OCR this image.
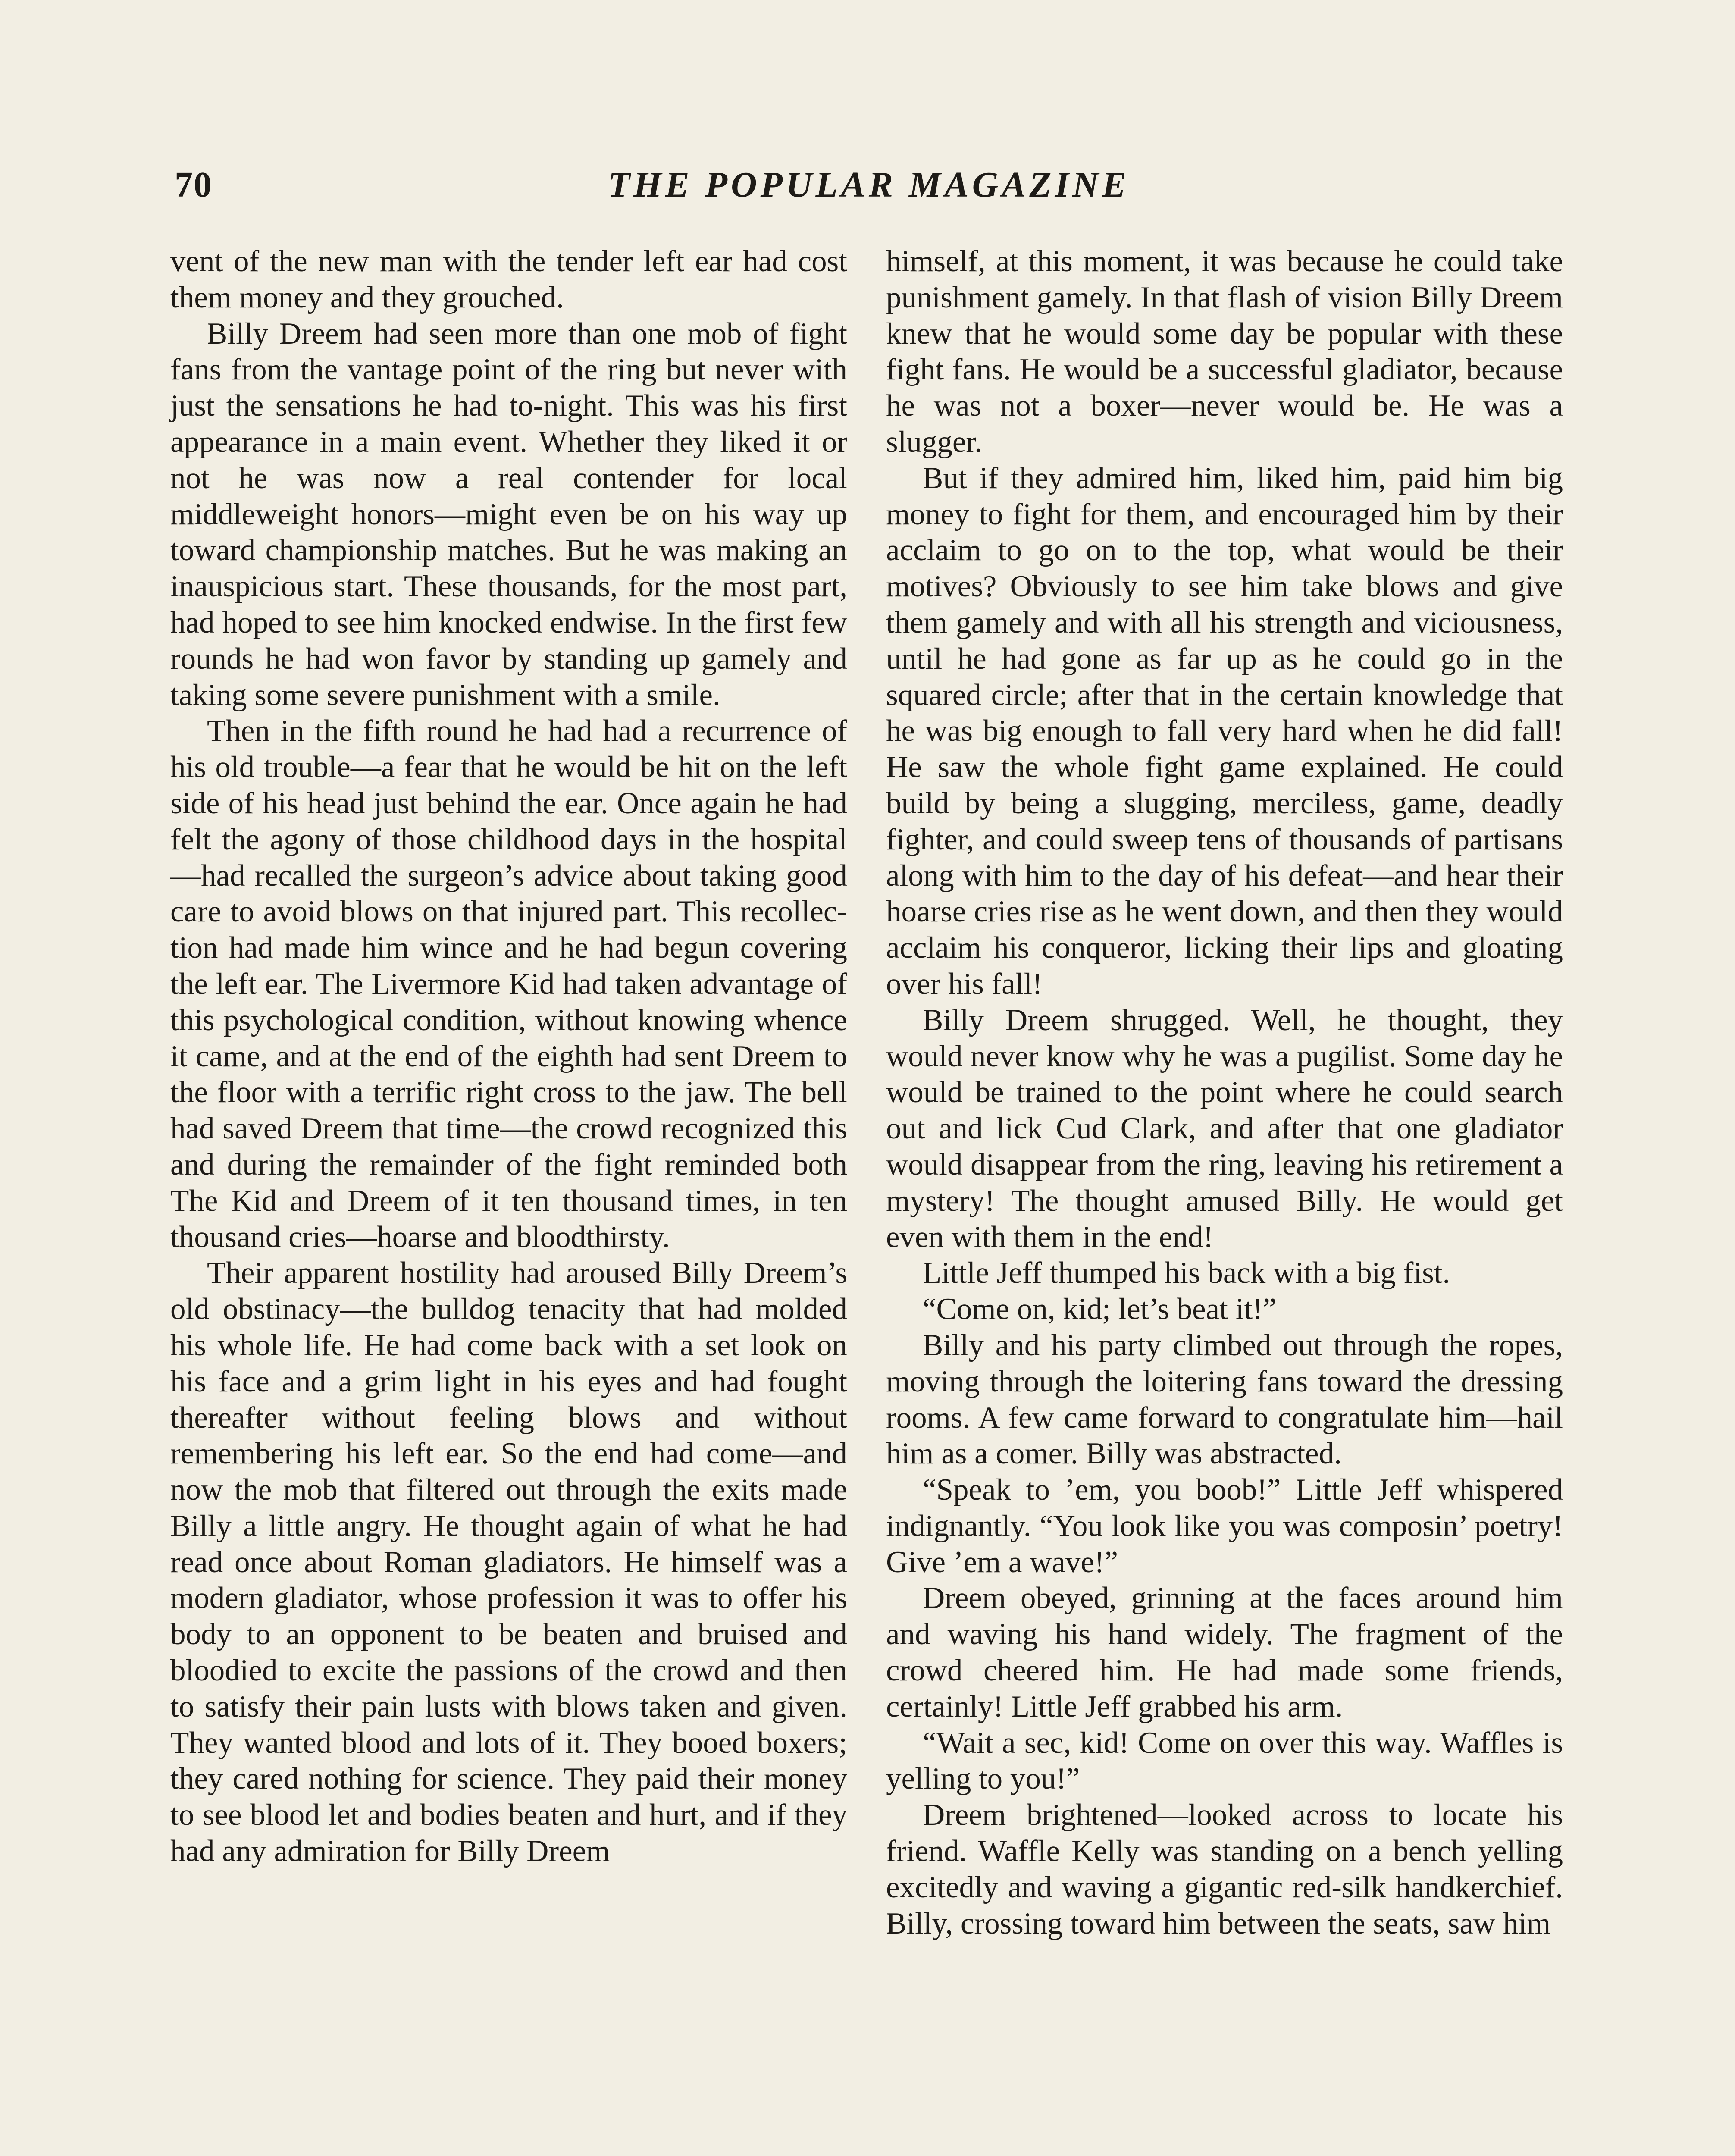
70	THE POPULAR MAGAZINE

vent of the new man with the tender left ear had cost them money and they grouched.

Billy Dreem had seen more than one mob of fight fans from the vantage point of the ring but never with just the sensations he had to-night. This was his first appearance in a main event. Whether they liked it or not he was now a real contender for local middleweight honors—might even be on his way up toward championship matches. But he was making an inauspicious start. These thousands, for the most part, had hoped to see him knocked endwise. In the first few rounds he had won favor by standing up gamely and taking some severe punishment with a smile.

Then in the fifth round he had had a recurrence of his old trouble—a fear that he would be hit on the left side of his head just behind the ear. Once again he had felt the agony of those childhood days in the hospital—had recalled the surgeon’s advice about taking good care to avoid blows on that injured part. This recollection had made him wince and he had begun covering the left ear. The Livermore Kid had taken advantage of this psychological condition, without knowing whence it came, and at the end of the eighth had sent Dreem to the floor with a terrific right cross to the jaw. The bell had saved Dreem that time—the crowd recognized this and during the remainder of the fight reminded both The Kid and Dreem of it ten thousand times, in ten thousand cries—hoarse and bloodthirsty.

Their apparent hostility had aroused Billy Dreem’s old obstinacy—the bulldog tenacity that had molded his whole life. He had come back with a set look on his face and a grim light in his eyes and had fought thereafter without feeling blows and without remembering his left ear. So the end had come—and now the mob that filtered out through the exits made Billy a little angry. He thought again of what he had read once about Roman gladiators. He himself was a modern gladiator, whose profession it was to offer his body to an opponent to be beaten and bruised and bloodied to excite the passions of the crowd and then to satisfy their pain lusts with blows taken and given. They wanted blood and lots of it. They booed boxers; they cared nothing for science. They paid their money to see blood let and bodies beaten and hurt, and if they had any admiration for Billy Dreem

himself, at this moment, it was because he could take punishment gamely. In that flash of vision Billy Dreem knew that he would some day be popular with these fight fans. He would be a successful gladiator, because he was not a boxer—never would be. He was a slugger.

But if they admired him, liked him, paid him big money to fight for them, and encouraged him by their acclaim to go on to the top, what would be their motives? Obviously to see him take blows and give them gamely and with all his strength and viciousness, until he had gone as far up as he could go in the squared circle; after that in the certain knowledge that he was big enough to fall very hard when he did fall! He saw the whole fight game explained. He could build by being a slugging, merciless, game, deadly fighter, and could sweep tens of thousands of partisans along with him to the day of his defeat—and hear their hoarse cries rise as he went down, and then they would acclaim his conqueror, licking their lips and gloating over his fall!

Billy Dreem shrugged. Well, he thought, they would never know why he was a pugilist. Some day he would be trained to the point where he could search out and lick Cud Clark, and after that one gladiator would disappear from the ring, leaving his retirement a mystery! The thought amused Billy. He would get even with them in the end!

Little Jeff thumped his back with a big fist.

“Come on, kid; let’s beat it!”

Billy and his party climbed out through the ropes, moving through the loitering fans toward the dressing rooms. A few came forward to congratulate him—hail him as a comer. Billy was abstracted.

“Speak to ’em, you boob!” Little Jeff whispered indignantly. “You look like you was composin’ poetry! Give ’em a wave!”

Dreem obeyed, grinning at the faces around him and waving his hand widely. The fragment of the crowd cheered him. He had made some friends, certainly! Little Jeff grabbed his arm.

“Wait a sec, kid! Come on over this way. Waffles is yelling to you!”

Dreem brightened—looked across to locate his friend. Waffle Kelly was standing on a bench yelling excitedly and waving a gigantic red-silk handkerchief. Billy, crossing toward him between the seats, saw him
